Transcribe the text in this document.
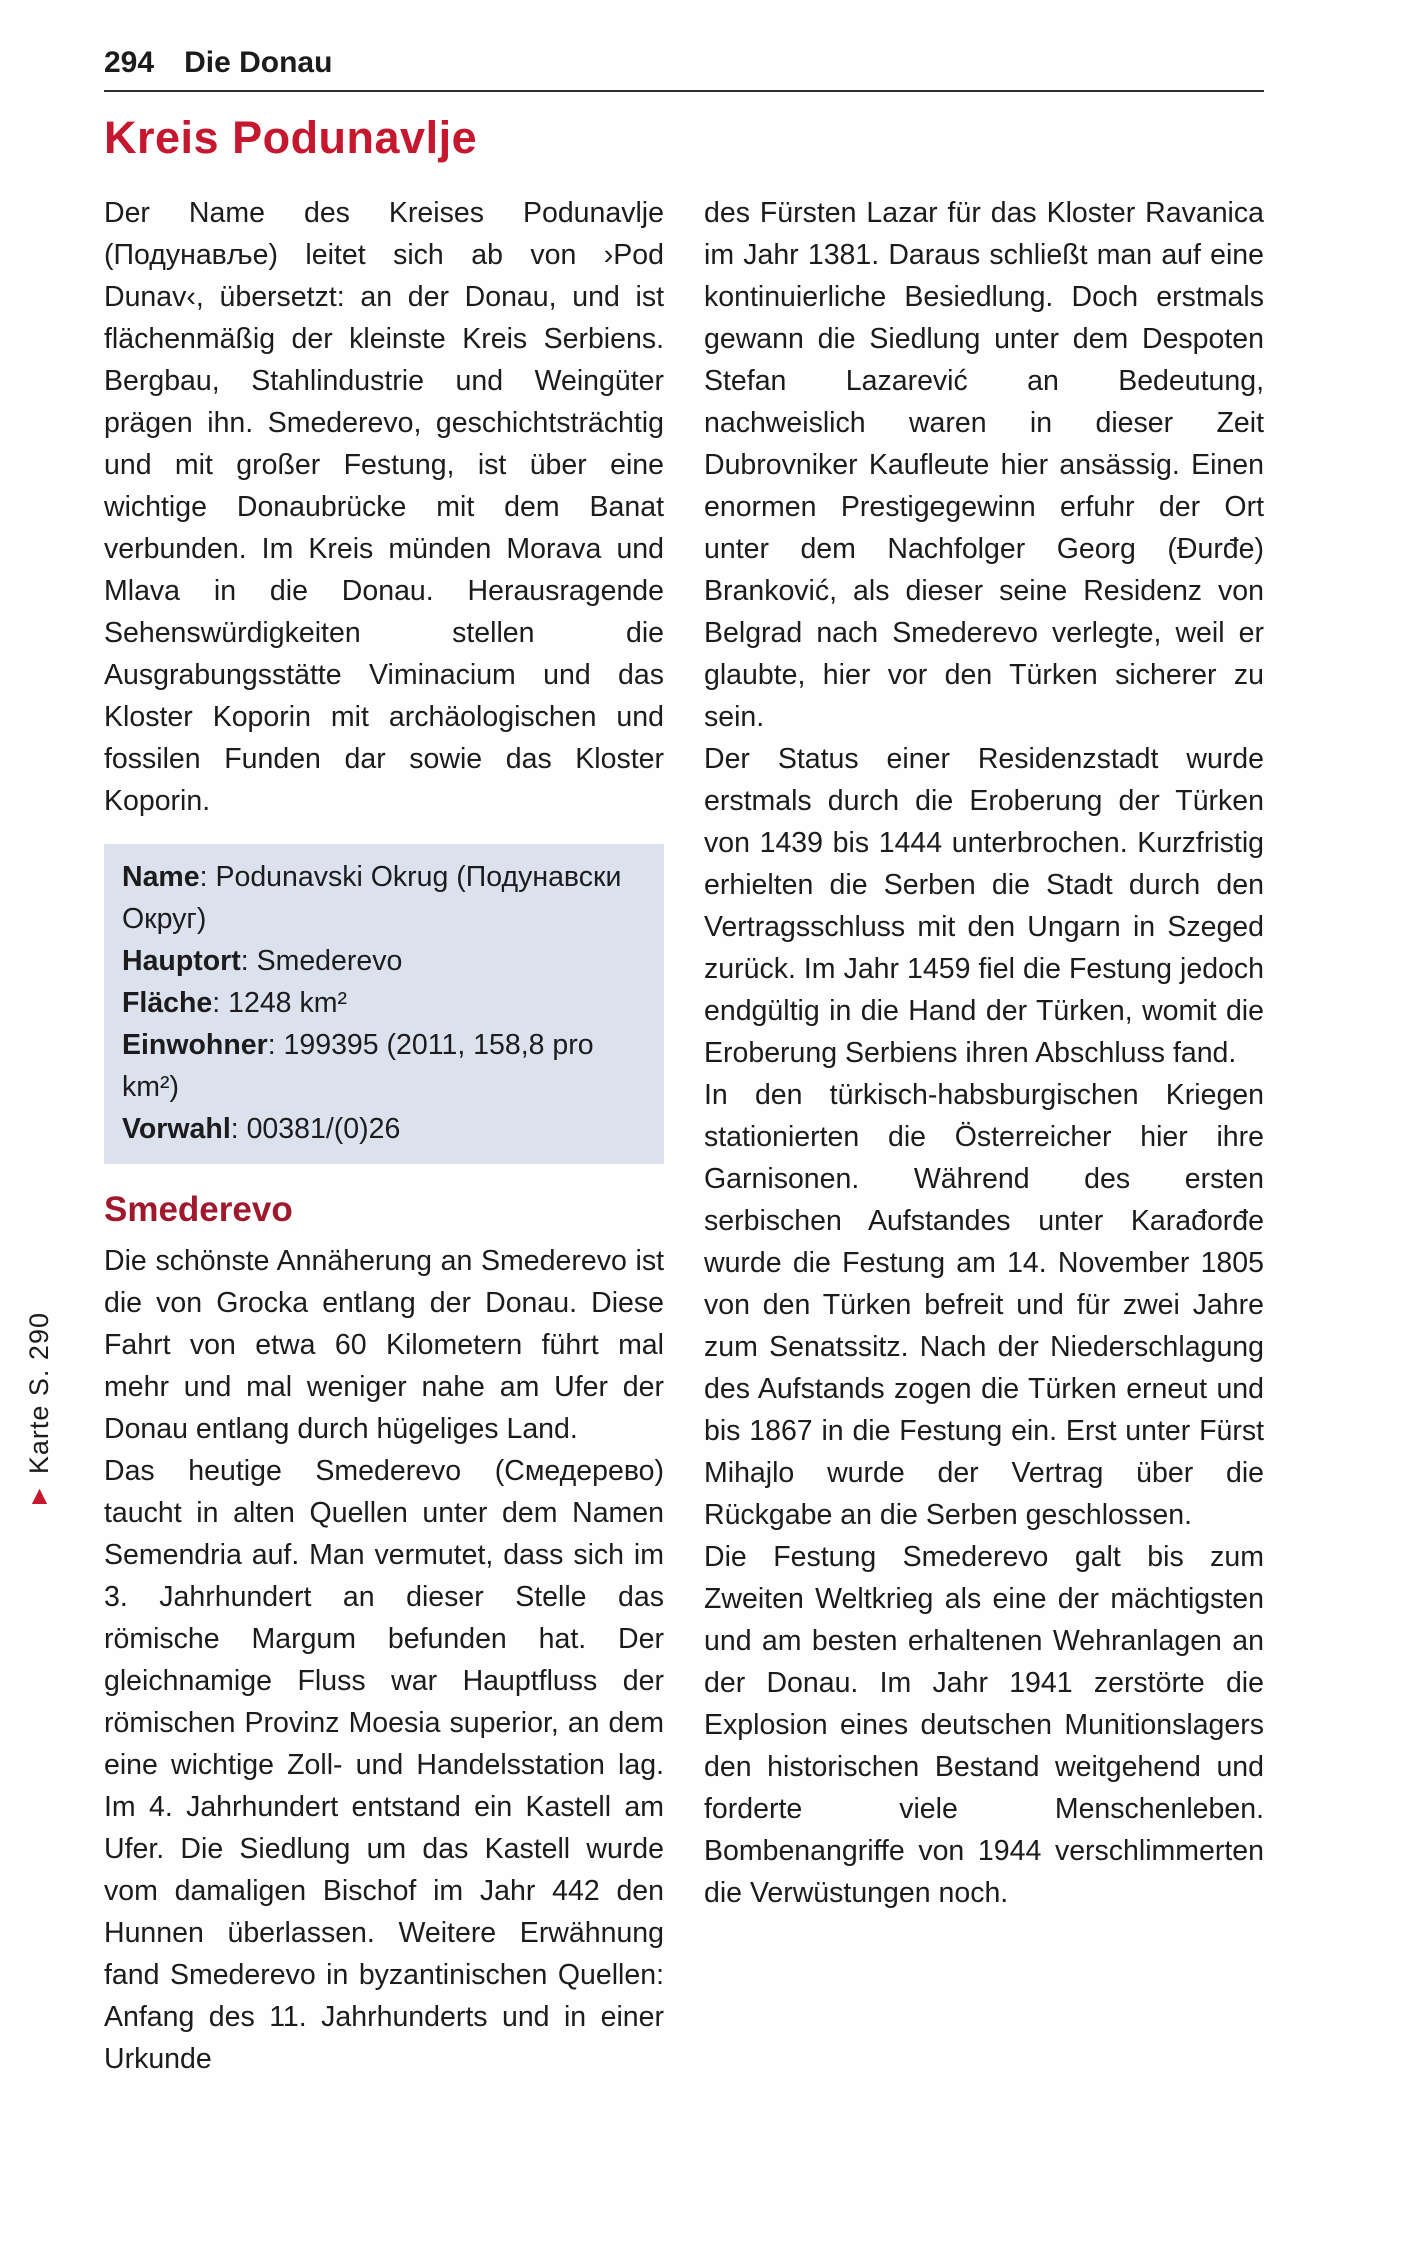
294 Die Donau
Kreis Podunavlje

Der Name des Kreises Podunavlje (Подунавље) leitet sich ab von ›Pod Dunav‹, übersetzt: an der Donau, und ist flächenmäßig der kleinste Kreis Serbiens. Bergbau, Stahlindustrie und Weingüter prägen ihn. Smederevo, geschichtsträchtig und mit großer Festung, ist über eine wichtige Donaubrücke mit dem Banat verbunden. Im Kreis münden Morava und Mlava in die Donau. Herausragende Sehenswürdigkeiten stellen die Ausgrabungsstätte Viminacium und das Kloster Koporin mit archäologischen und fossilen Funden dar sowie das Kloster Koporin.

Name: Podunavski Okrug (Подунавски Округ)
Hauptort: Smederevo
Fläche: 1248 km²
Einwohner: 199395 (2011, 158,8 pro km²)
Vorwahl: 00381/(0)26
Smederevo

Die schönste Annäherung an Smederevo ist die von Grocka entlang der Donau. Diese Fahrt von etwa 60 Kilometern führt mal mehr und mal weniger nahe am Ufer der Donau entlang durch hügeliges Land.

Das heutige Smederevo (Смедерево) taucht in alten Quellen unter dem Namen Semendria auf. Man vermutet, dass sich im 3. Jahrhundert an dieser Stelle das römische Margum befunden hat. Der gleichnamige Fluss war Hauptfluss der römischen Provinz Moesia superior, an dem eine wichtige Zoll- und Handelsstation lag. Im 4. Jahrhundert entstand ein Kastell am Ufer. Die Siedlung um das Kastell wurde vom damaligen Bischof im Jahr 442 den Hunnen überlassen. Weitere Erwähnung fand Smederevo in byzantinischen Quellen: Anfang des 11. Jahrhunderts und in einer Urkunde

des Fürsten Lazar für das Kloster Ravanica im Jahr 1381. Daraus schließt man auf eine kontinuierliche Besiedlung. Doch erstmals gewann die Siedlung unter dem Despoten Stefan Lazarević an Bedeutung, nachweislich waren in dieser Zeit Dubrovniker Kaufleute hier ansässig. Einen enormen Prestigegewinn erfuhr der Ort unter dem Nachfolger Georg (Đurđe) Branković, als dieser seine Residenz von Belgrad nach Smederevo verlegte, weil er glaubte, hier vor den Türken sicherer zu sein.

Der Status einer Residenzstadt wurde erstmals durch die Eroberung der Türken von 1439 bis 1444 unterbrochen. Kurzfristig erhielten die Serben die Stadt durch den Vertragsschluss mit den Ungarn in Szeged zurück. Im Jahr 1459 fiel die Festung jedoch endgültig in die Hand der Türken, womit die Eroberung Serbiens ihren Abschluss fand.

In den türkisch-habsburgischen Kriegen stationierten die Österreicher hier ihre Garnisonen. Während des ersten serbischen Aufstandes unter Karađorđe wurde die Festung am 14. November 1805 von den Türken befreit und für zwei Jahre zum Senatssitz. Nach der Niederschlagung des Aufstands zogen die Türken erneut und bis 1867 in die Festung ein. Erst unter Fürst Mihajlo wurde der Vertrag über die Rückgabe an die Serben geschlossen.

Die Festung Smederevo galt bis zum Zweiten Weltkrieg als eine der mächtigsten und am besten erhaltenen Wehranlagen an der Donau. Im Jahr 1941 zerstörte die Explosion eines deutschen Munitionslagers den historischen Bestand weitgehend und forderte viele Menschenleben. Bombenangriffe von 1944 verschlimmerten die Verwüstungen noch.

Karte S. 290
▲
